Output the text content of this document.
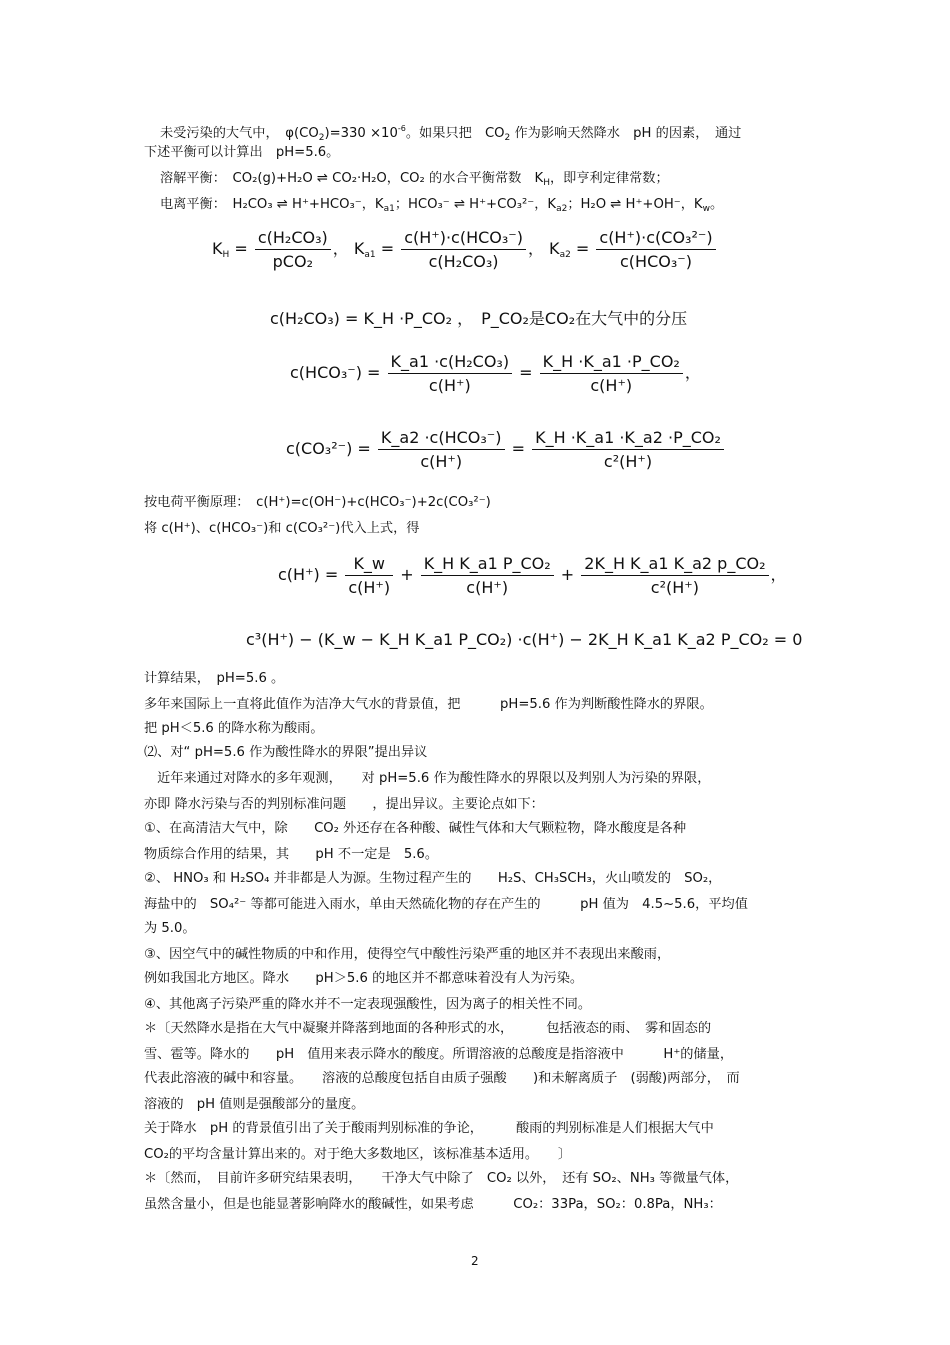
未受污染的大气中，　$\varphi(CO_2)=330 \times 10^{-6}$。如果只把　$CO_2$ 作为影响天然降水　pH 的因素，　通过
下述平衡可以计算出　pH=5.6。
溶解平衡：　CO₂(g)+H₂O ⇌ CO₂·H₂O，CO₂ 的水合平衡常数　$K_H$，即亨利定律常数；
电离平衡：　H₂CO₃ ⇌ H⁺+HCO₃⁻，$K_{a1}$；HCO₃⁻ ⇌ H⁺+CO₃²⁻，$K_{a2}$；H₂O ⇌ H⁺+OH⁻，$K_w$。
$K_H = \frac{\text{c(H₂CO₃)}}{\text{pCO₂}}$ ， $K_{a1} = \frac{\text{c(H⁺)·c(HCO₃⁻)}}{\text{c(H₂CO₃)}}$ ， $K_{a2} = \frac{\text{c(H⁺)·c(CO₃²⁻)}}{\text{c(HCO₃⁻)}}$
c(H₂CO₃) = K_H ·P_CO₂ ，　P_CO₂是CO₂在大气中的分压
$c(HCO_3^-) = \frac{\text{K\_a1 ·c(H₂CO₃)}}{c(H^+)} = \frac{\text{K\_H ·K\_a1 ·P\_CO₂}}{c(H^+)}$ ，
$c(CO_3^{2-}) = \frac{\text{K\_a2 ·c(HCO₃⁻)}}{c(H^+)} = \frac{\text{K\_H ·K\_a1 ·K\_a2 ·P\_CO₂}}{\text{c²(H⁺)}}$
按电荷平衡原理：　c(H⁺)=c(OH⁻)+c(HCO₃⁻)+2c(CO₃²⁻)
将 c(H⁺)、c(HCO₃⁻)和 c(CO₃²⁻)代入上式，得
$c(H^+) = \frac{K\_w}{c(H^+)} + \frac{\text{K\_H K\_a1 P\_CO₂}}{c(H^+)} + \frac{\text{2K\_H K\_a1 K\_a2 p\_CO₂}}{\text{c²(H⁺)}}$ ，
c³(H⁺) − (K_w − K_H K_a1 P_CO₂) ·c(H⁺) − 2K_H K_a1 K_a2 P_CO₂ = 0
计算结果，　pH=5.6 。
多年来国际上一直将此值作为洁净大气水的背景值，把　　　pH=5.6 作为判断酸性降水的界限。
把 pH＜5.6 的降水称为酸雨。
⑵、对“ pH=5.6 作为酸性降水的界限”提出异议
　近年来通过对降水的多年观测，　　对 pH=5.6 作为酸性降水的界限以及判别人为污染的界限，
亦即 降水污染与否的判别标准问题　　，提出异议。主要论点如下：
①、在高清洁大气中，除　　CO₂ 外还存在各种酸、碱性气体和大气颗粒物，降水酸度是各种
物质综合作用的结果，其　　pH 不一定是　5.6。
②、 HNO₃ 和 H₂SO₄ 并非都是人为源。生物过程产生的　　H₂S、CH₃SCH₃，火山喷发的　SO₂，
海盐中的　SO₄²⁻ 等都可能进入雨水，单由天然硫化物的存在产生的　　　pH 值为　4.5~5.6，平均值
为 5.0。
③、因空气中的碱性物质的中和作用，使得空气中酸性污染严重的地区并不表现出来酸雨，
例如我国北方地区。降水　　pH＞5.6 的地区并不都意味着没有人为污染。
④、其他离子污染严重的降水并不一定表现强酸性，因为离子的相关性不同。
＊〔天然降水是指在大气中凝聚并降落到地面的各种形式的水，　　　包括液态的雨、　雾和固态的
雪、雹等。降水的　　pH　值用来表示降水的酸度。所谓溶液的总酸度是指溶液中　　　H⁺的储量，
代表此溶液的碱中和容量。　　溶液的总酸度包括自由质子强酸　　)和未解离质子　(弱酸)两部分，　而
溶液的　pH 值则是强酸部分的量度。
关于降水　pH 的背景值引出了关于酸雨判别标准的争论，　　　酸雨的判别标准是人们根据大气中
CO₂的平均含量计算出来的。对于绝大多数地区，该标准基本适用。　　〕
＊〔然而，　目前许多研究结果表明，　　干净大气中除了　CO₂ 以外，　还有 SO₂、NH₃ 等微量气体，
虽然含量小，但是也能显著影响降水的酸碱性，如果考虑　　　CO₂：33Pa，SO₂：0.8Pa，NH₃：
2
